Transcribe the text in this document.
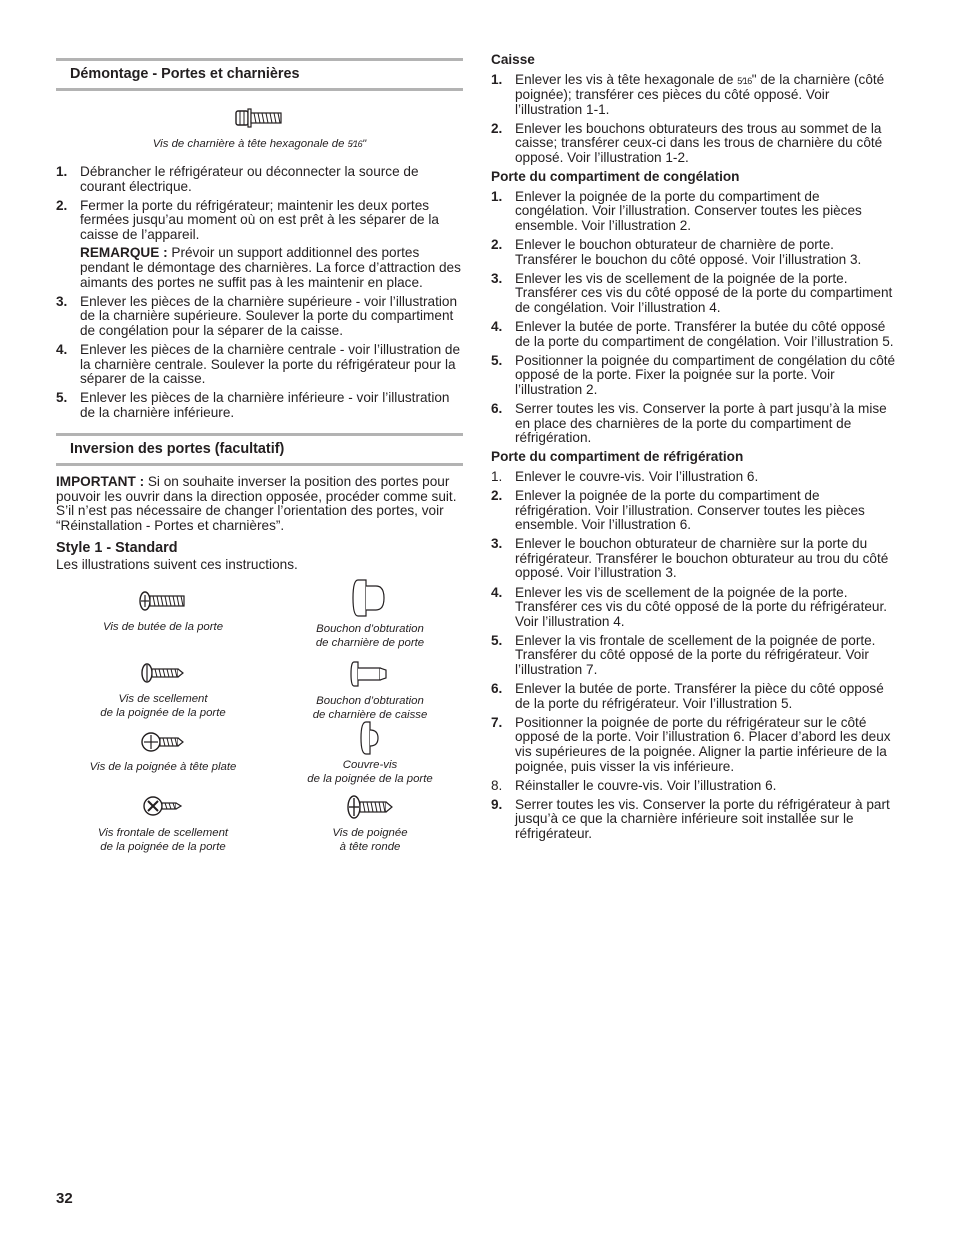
Démontage - Portes et charnières
Vis de charnière à tête hexagonale de 5⁄16"
1. Débrancher le réfrigérateur ou déconnecter la source de courant électrique.
2. Fermer la porte du réfrigérateur; maintenir les deux portes fermées jusqu’au moment où on est prêt à les séparer de la caisse de l’appareil.
REMARQUE : Prévoir un support additionnel des portes pendant le démontage des charnières. La force d’attraction des aimants des portes ne suffit pas à les maintenir en place.
3. Enlever les pièces de la charnière supérieure - voir l’illustration de la charnière supérieure. Soulever la porte du compartiment de congélation pour la séparer de la caisse.
4. Enlever les pièces de la charnière centrale - voir l’illustration de la charnière centrale. Soulever la porte du réfrigérateur pour la séparer de la caisse.
5. Enlever les pièces de la charnière inférieure - voir l’illustration de la charnière inférieure.
Inversion des portes (facultatif)
IMPORTANT : Si on souhaite inverser la position des portes pour pouvoir les ouvrir dans la direction opposée, procéder comme suit. S’il n’est pas nécessaire de changer l’orientation des portes, voir “Réinstallation - Portes et charnières”.
Style 1 - Standard
Les illustrations suivent ces instructions.
Vis de butée de la porte	Bouchon d’obturation
de charnière de porte
Vis de scellement
de la poignée de la porte
Bouchon d’obturation
de charnière de caisse
Vis de la poignée à tête plate	Couvre-vis
de la poignée de la porte
Vis frontale de scellement
de la poignée de la porte
Vis de poignée
à tête ronde
Caisse
1. Enlever les vis à tête hexagonale de 5⁄16" de la charnière (côté poignée); transférer ces pièces du côté opposé. Voir l’illustration 1-1.
2. Enlever les bouchons obturateurs des trous au sommet de la caisse; transférer ceux-ci dans les trous de charnière du côté opposé. Voir l’illustration 1-2.
Porte du compartiment de congélation
1. Enlever la poignée de la porte du compartiment de congélation. Voir l’illustration. Conserver toutes les pièces ensemble. Voir l’illustration 2.
2. Enlever le bouchon obturateur de charnière de porte. Transférer le bouchon du côté opposé. Voir l’illustration 3.
3. Enlever les vis de scellement de la poignée de la porte. Transférer ces vis du côté opposé de la porte du compartiment de congélation. Voir l’illustration 4.
4. Enlever la butée de porte. Transférer la butée du côté opposé de la porte du compartiment de congélation. Voir l’illustration 5.
5. Positionner la poignée du compartiment de congélation du côté opposé de la porte. Fixer la poignée sur la porte. Voir l’illustration 2.
6. Serrer toutes les vis. Conserver la porte à part jusqu’à la mise en place des charnières de la porte du compartiment de réfrigération.
Porte du compartiment de réfrigération
1. Enlever le couvre-vis. Voir l’illustration 6.
2. Enlever la poignée de la porte du compartiment de réfrigération. Voir l’illustration. Conserver toutes les pièces ensemble. Voir l’illustration 6.
3. Enlever le bouchon obturateur de charnière sur la porte du réfrigérateur. Transférer le bouchon obturateur au trou du côté opposé. Voir l’illustration 3.
4. Enlever les vis de scellement de la poignée de la porte. Transférer ces vis du côté opposé de la porte du réfrigérateur. Voir l’illustration 4.
5. Enlever la vis frontale de scellement de la poignée de porte. Transférer du côté opposé de la porte du réfrigérateur. Voir l’illustration 7.
6. Enlever la butée de porte. Transférer la pièce du côté opposé de la porte du réfrigérateur. Voir l’illustration 5.
7. Positionner la poignée de porte du réfrigérateur sur le côté opposé de la porte. Voir l’illustration 6. Placer d’abord les deux vis supérieures de la poignée. Aligner la partie inférieure de la poignée, puis visser la vis inférieure.
8. Réinstaller le couvre-vis. Voir l’illustration 6.
9. Serrer toutes les vis. Conserver la porte du réfrigérateur à part jusqu’à ce que la charnière inférieure soit installée sur le réfrigérateur.
32
